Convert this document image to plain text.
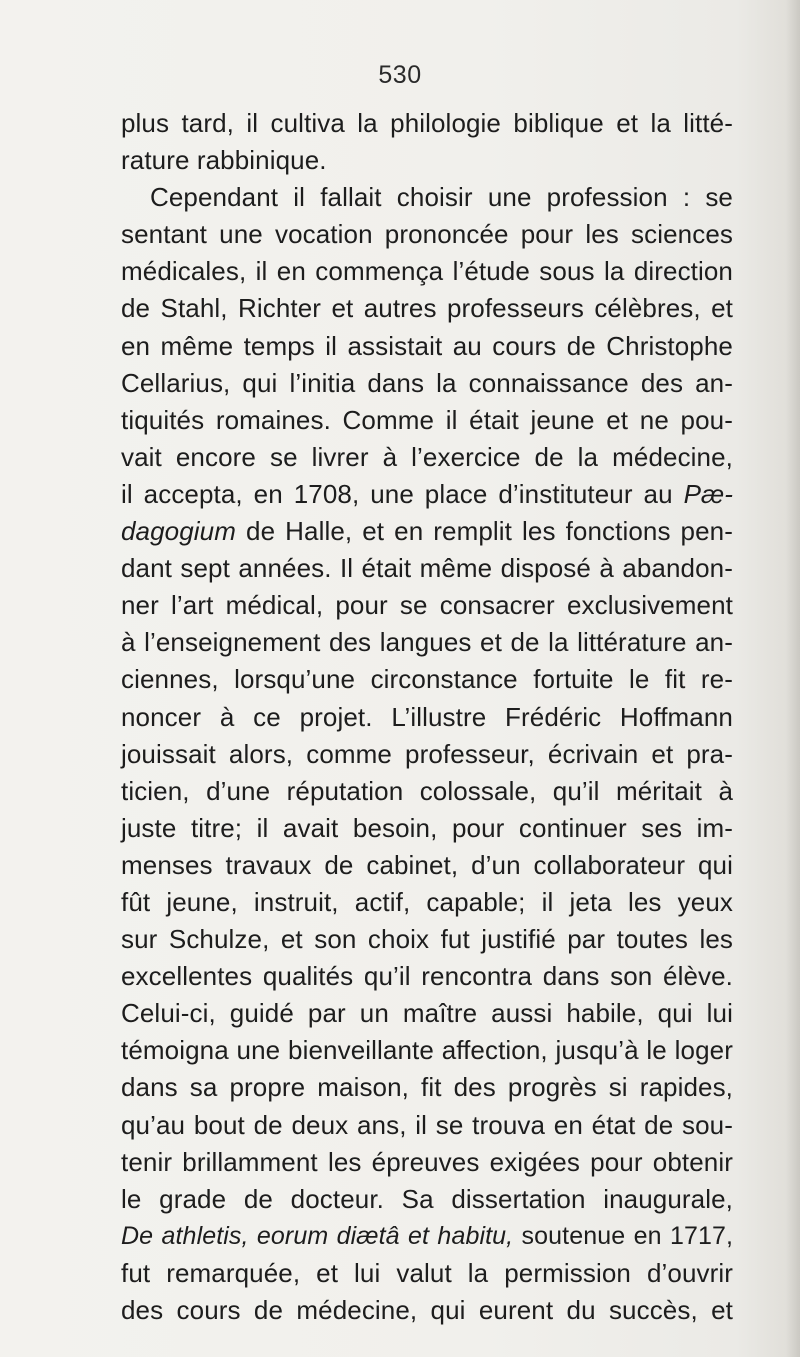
530
plus tard, il cultiva la philologie biblique et la litté-
rature rabbinique.
Cependant il fallait choisir une profession : se
sentant une vocation prononcée pour les sciences
médicales, il en commença l’étude sous la direction
de Stahl, Richter et autres professeurs célèbres, et
en même temps il assistait au cours de Christophe
Cellarius, qui l’initia dans la connaissance des an-
tiquités romaines. Comme il était jeune et ne pou-
vait encore se livrer à l’exercice de la médecine,
il accepta, en 1708, une place d’instituteur au Pæ-
dagogium de Halle, et en remplit les fonctions pen-
dant sept années. Il était même disposé à abandon-
ner l’art médical, pour se consacrer exclusivement
à l’enseignement des langues et de la littérature an-
ciennes, lorsqu’une circonstance fortuite le fit re-
noncer à ce projet. L’illustre Frédéric Hoffmann
jouissait alors, comme professeur, écrivain et pra-
ticien, d’une réputation colossale, qu’il méritait à
juste titre; il avait besoin, pour continuer ses im-
menses travaux de cabinet, d’un collaborateur qui
fût jeune, instruit, actif, capable; il jeta les yeux
sur Schulze, et son choix fut justifié par toutes les
excellentes qualités qu’il rencontra dans son élève.
Celui-ci, guidé par un maître aussi habile, qui lui
témoigna une bienveillante affection, jusqu’à le loger
dans sa propre maison, fit des progrès si rapides,
qu’au bout de deux ans, il se trouva en état de sou-
tenir brillamment les épreuves exigées pour obtenir
le grade de docteur. Sa dissertation inaugurale,
De athletis, eorum diætâ et habitu, soutenue en 1717,
fut remarquée, et lui valut la permission d’ouvrir
des cours de médecine, qui eurent du succès, et
